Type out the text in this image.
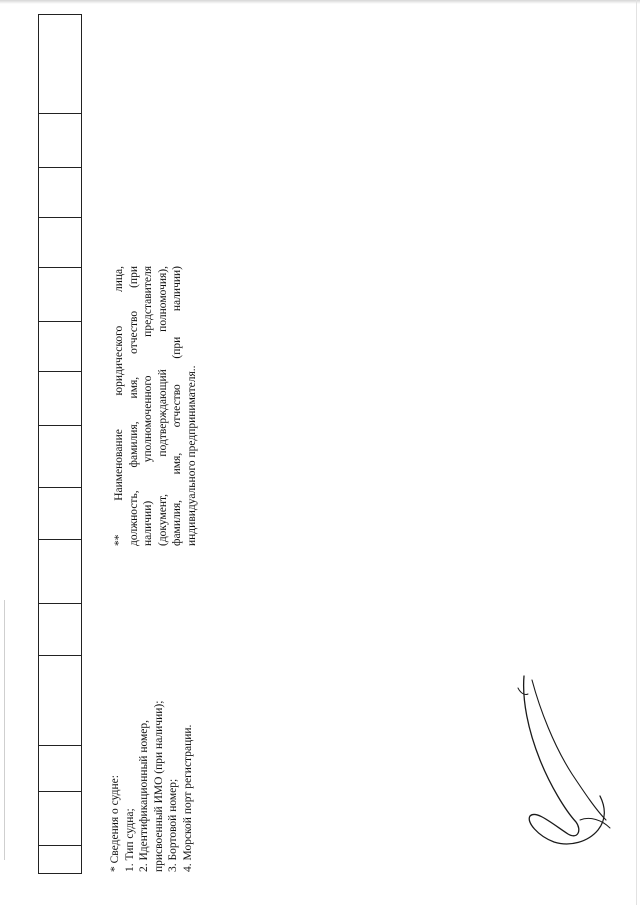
* Сведения о судне: 1. Тип судна; 2. Идентификационный номер, присвоенный ИМО (при наличии); 3. Бортовой номер; 4. Морской порт регистрации.
** Наименование юридического лица, должность, фамилия, имя, отчество (при наличии) уполномоченного представителя (документ, подтверждающий полномочия), фамилия, имя, отчество (при наличии) индивидуального предпринимателя..
